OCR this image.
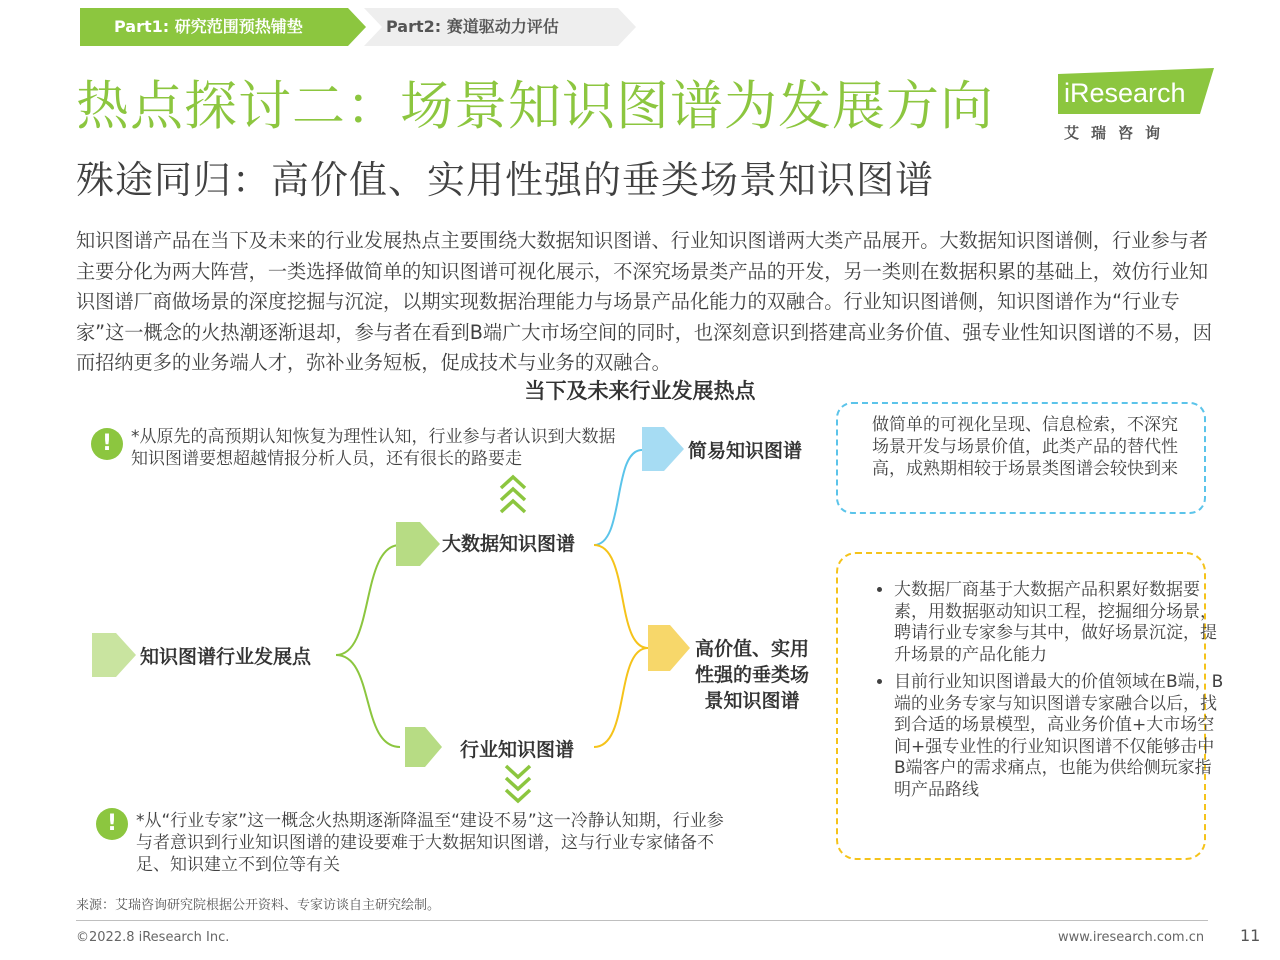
Part1: 研究范围预热铺垫	Part2: 赛道驱动力评估
热点探讨二：场景知识图谱为发展方向
殊途同归：高价值、实用性强的垂类场景知识图谱
iResearch
艾瑞咨询

知识图谱产品在当下及未来的行业发展热点主要围绕大数据知识图谱、行业知识图谱两大类产品展开。大数据知识图谱侧，行业参与者主要分化为两大阵营，一类选择做简单的知识图谱可视化展示，不深究场景类产品的开发，另一类则在数据积累的基础上，效仿行业知识图谱厂商做场景的深度挖掘与沉淀，以期实现数据治理能力与场景产品化能力的双融合。行业知识图谱侧，知识图谱作为“行业专家”这一概念的火热潮逐渐退却，参与者在看到B端广大市场空间的同时，也深刻意识到搭建高业务价值、强专业性知识图谱的不易，因而招纳更多的业务端人才，弥补业务短板，促成技术与业务的双融合。

当下及未来行业发展热点
!
!

*从原先的高预期认知恢复为理性认知，行业参与者认识到大数据知识图谱要想超越情报分析人员，还有很长的路要走

*从“行业专家”这一概念火热期逐渐降温至“建设不易”这一冷静认知期，行业参与者意识到行业知识图谱的建设要难于大数据知识图谱，这与行业专家储备不足、知识建立不到位等有关

知识图谱行业发展点
大数据知识图谱
行业知识图谱
简易知识图谱
高价值、实用
性强的垂类场
景知识图谱

做简单的可视化呈现、信息检索，不深究场景开发与场景价值，此类产品的替代性高，成熟期相较于场景类图谱会较快到来

• 大数据厂商基于大数据产品积累好数据要素，用数据驱动知识工程，挖掘细分场景，聘请行业专家参与其中，做好场景沉淀，提升场景的产品化能力
• 目前行业知识图谱最大的价值领域在B端，B端的业务专家与知识图谱专家融合以后，找到合适的场景模型，高业务价值+大市场空间+强专业性的行业知识图谱不仅能够击中B端客户的需求痛点，也能为供给侧玩家指明产品路线
来源：艾瑞咨询研究院根据公开资料、专家访谈自主研究绘制。
©2022.8 iResearch Inc.	www.iresearch.com.cn 11
